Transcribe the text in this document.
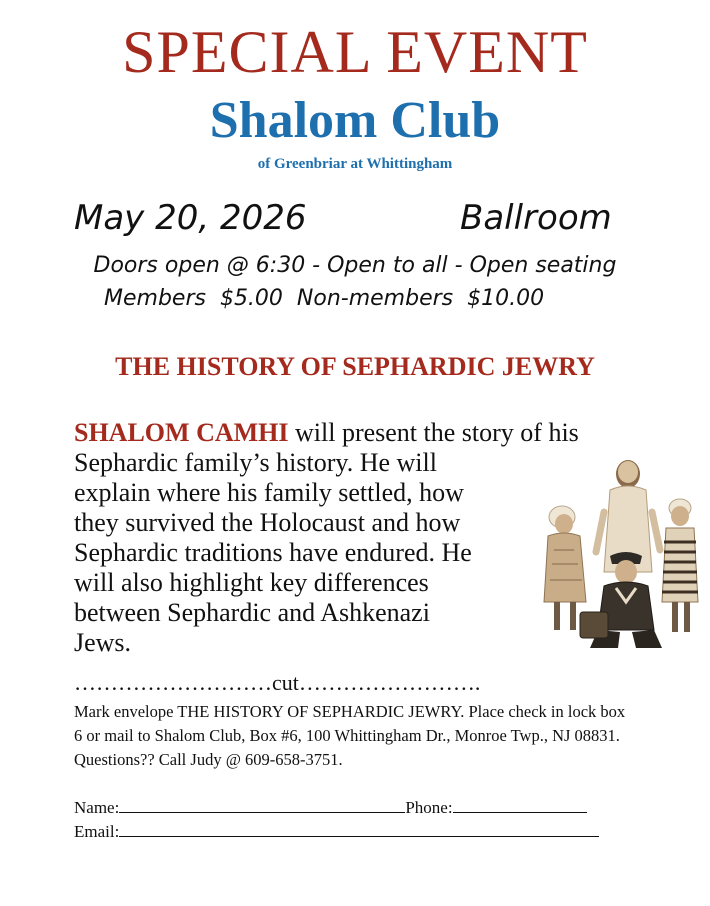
SPECIAL EVENT
Shalom Club
of Greenbriar at Whittingham
May 20, 2026	Ballroom
Doors open @ 6:30 - Open to all - Open seating
Members  $5.00  Non-members  $10.00
THE HISTORY OF SEPHARDIC JEWRY
SHALOM CAMHI will present the story of his
Sephardic family’s history. He will
explain where his family settled, how
they survived the Holocaust and how
Sephardic traditions have endured. He
will also highlight key differences
between Sephardic and Ashkenazi
Jews.
………………………cut…………………….
Mark envelope THE HISTORY OF SEPHARDIC JEWRY. Place check in lock box 6 or mail to Shalom Club, Box #6, 100 Whittingham Dr., Monroe Twp., NJ 08831. Questions?? Call Judy @ 609-658-3751.
Name:	Phone:
Email:
